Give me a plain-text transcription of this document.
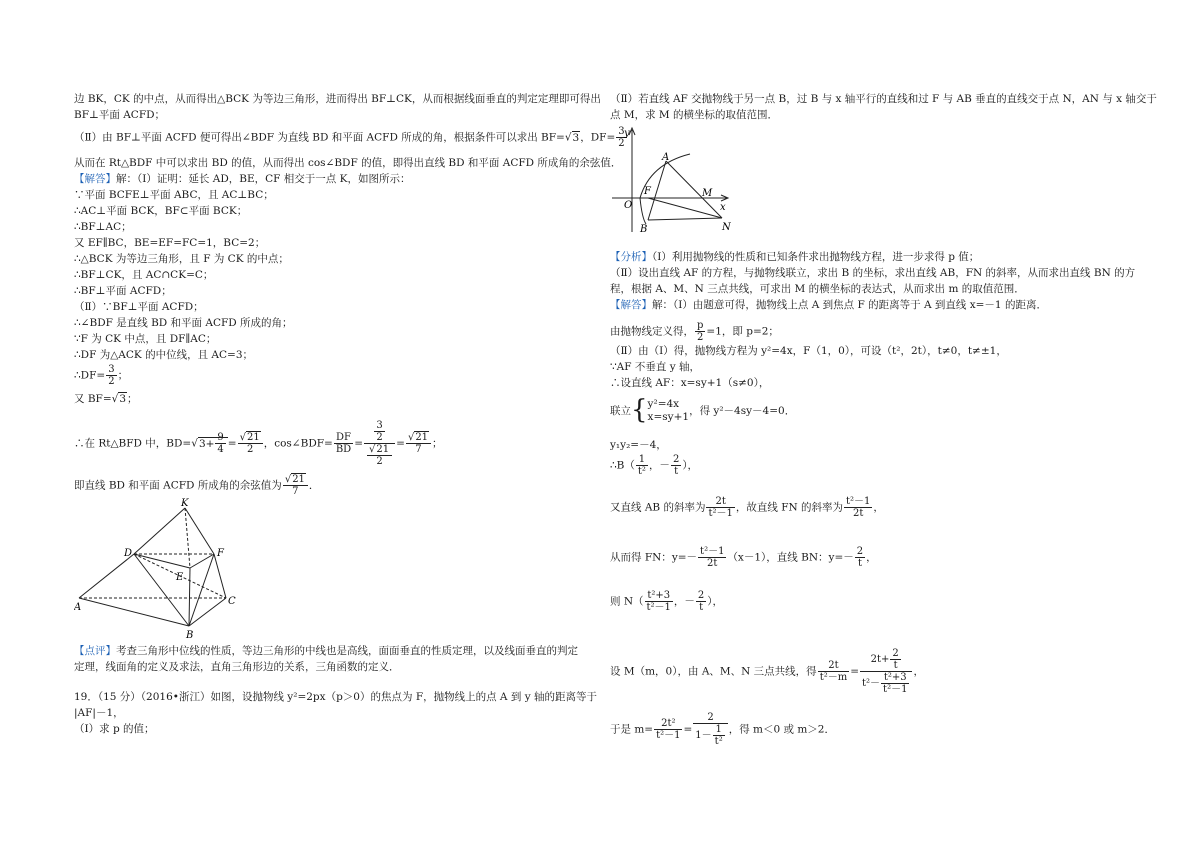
边 BK，CK 的中点，从而得出△BCK 为等边三角形，进而得出 BF⊥CK，从而根据线面垂直的判定定理即可得出
BF⊥平面 ACFD；
（Ⅱ）由 BF⊥平面 ACFD 便可得出∠BDF 为直线 BD 和平面 ACFD 所成的角，根据条件可以求出 BF=√3，$DF= \frac{3}{2}$
从而在 Rt△BDF 中可以求出 BD 的值，从而得出 cos∠BDF 的值，即得出直线 BD 和平面 ACFD 所成角的余弦值．
【解答】解：（Ⅰ）证明：延长 AD，BE，CF 相交于一点 K，如图所示：
∵平面 BCFE⊥平面 ABC，且 AC⊥BC；
∴AC⊥平面 BCK，BF⊂平面 BCK；
∴BF⊥AC；
又 EF∥BC，BE=EF=FC=1，BC=2；
∴△BCK 为等边三角形，且 F 为 CK 的中点；
∴BF⊥CK，且 AC∩CK=C；
∴BF⊥平面 ACFD；
（Ⅱ）∵BF⊥平面 ACFD；
∴∠BDF 是直线 BD 和平面 ACFD 所成的角；
∵F 为 CK 中点，且 DF∥AC；
∴DF 为△ACK 的中位线，且 AC=3；
∴DF= $\frac{3}{2}$ ；
又 BF=√3；
∴在 Rt△BFD 中，$BD=√3+ \frac{9}{4} = \frac{√21}{2}$ ，cos∠BDF= $\frac{DF}{BD} = \frac{\frac{3}{2}}{\frac{√21}{2}} = \frac{√21}{7}$ ；
即直线 BD 和平面 ACFD 所成角的余弦值为 $\frac{√21}{7}$ ．
K
D	F
E
A
C
B
【点评】考查三角形中位线的性质，等边三角形的中线也是高线，面面垂直的性质定理，以及线面垂直的判定
定理，线面角的定义及求法，直角三角形边的关系，三角函数的定义．
19．（15 分）（2016•浙江）如图，设抛物线 y²=2px（p＞0）的焦点为 F，抛物线上的点 A 到 y 轴的距离等于
|AF|－1，
（Ⅰ）求 p 的值；
（Ⅱ）若直线 AF 交抛物线于另一点 B，过 B 与 x 轴平行的直线和过 F 与 AB 垂直的直线交于点 N，AN 与 x 轴交于
点 M，求 M 的横坐标的取值范围．
y
A
F	M
O	x
B	N
【分析】（Ⅰ）利用抛物线的性质和已知条件求出抛物线方程，进一步求得 p 值；
（Ⅱ）设出直线 AF 的方程，与抛物线联立，求出 B 的坐标，求出直线 AB，FN 的斜率，从而求出直线 BN 的方
程，根据 A、M、N 三点共线，可求出 M 的横坐标的表达式，从而求出 m 的取值范围．
【解答】解：（Ⅰ）由题意可得，抛物线上点 A 到焦点 F 的距离等于 A 到直线 x=－1 的距离．
由抛物线定义得， $\frac{p}{2} =1$，即 p=2；
（Ⅱ）由（Ⅰ）得，抛物线方程为 y²=4x，F（1，0），可设（t²，2t），t≠0，t≠±1，
∵AF 不垂直 y 轴，
∴设直线 AF：x=sy+1（s≠0），
联立{ y²=4x
x=sy+1 ，得 y²－4sy－4=0．
y₁y₂=－4，
∴B（ $\frac{1}{\text{t²}}$ ，－ $\frac{2}{t}$ ），
又直线 AB 的斜率为 $\frac{2t}{\text{t²－1}}$ ，故直线 FN 的斜率为 $\frac{\text{t²－1}}{2t}$ ，
从而得 FN：$y=- \frac{\text{t²－1}}{2t} (x-1)$，直线 BN：$y=- \frac{2}{t}$ ，
则 $N( \frac{\text{t²+3}}{\text{t²－1}}$ ，－ $\frac{2}{t}$ ），
设 M（m，0），由 A、M、N 三点共线，得 $\frac{2t}{\text{t²－m}} = \frac{2t+ \frac{2}{t}}{t^2- \frac{\text{t²+3}}{\text{t²－1}}}$ ，
于是 $m= \frac{\text{2t²}}{\text{t²－1}} = \frac{2}{1- \frac{1}{\text{t²}}}$ ，得 m＜0 或 m＞2．
